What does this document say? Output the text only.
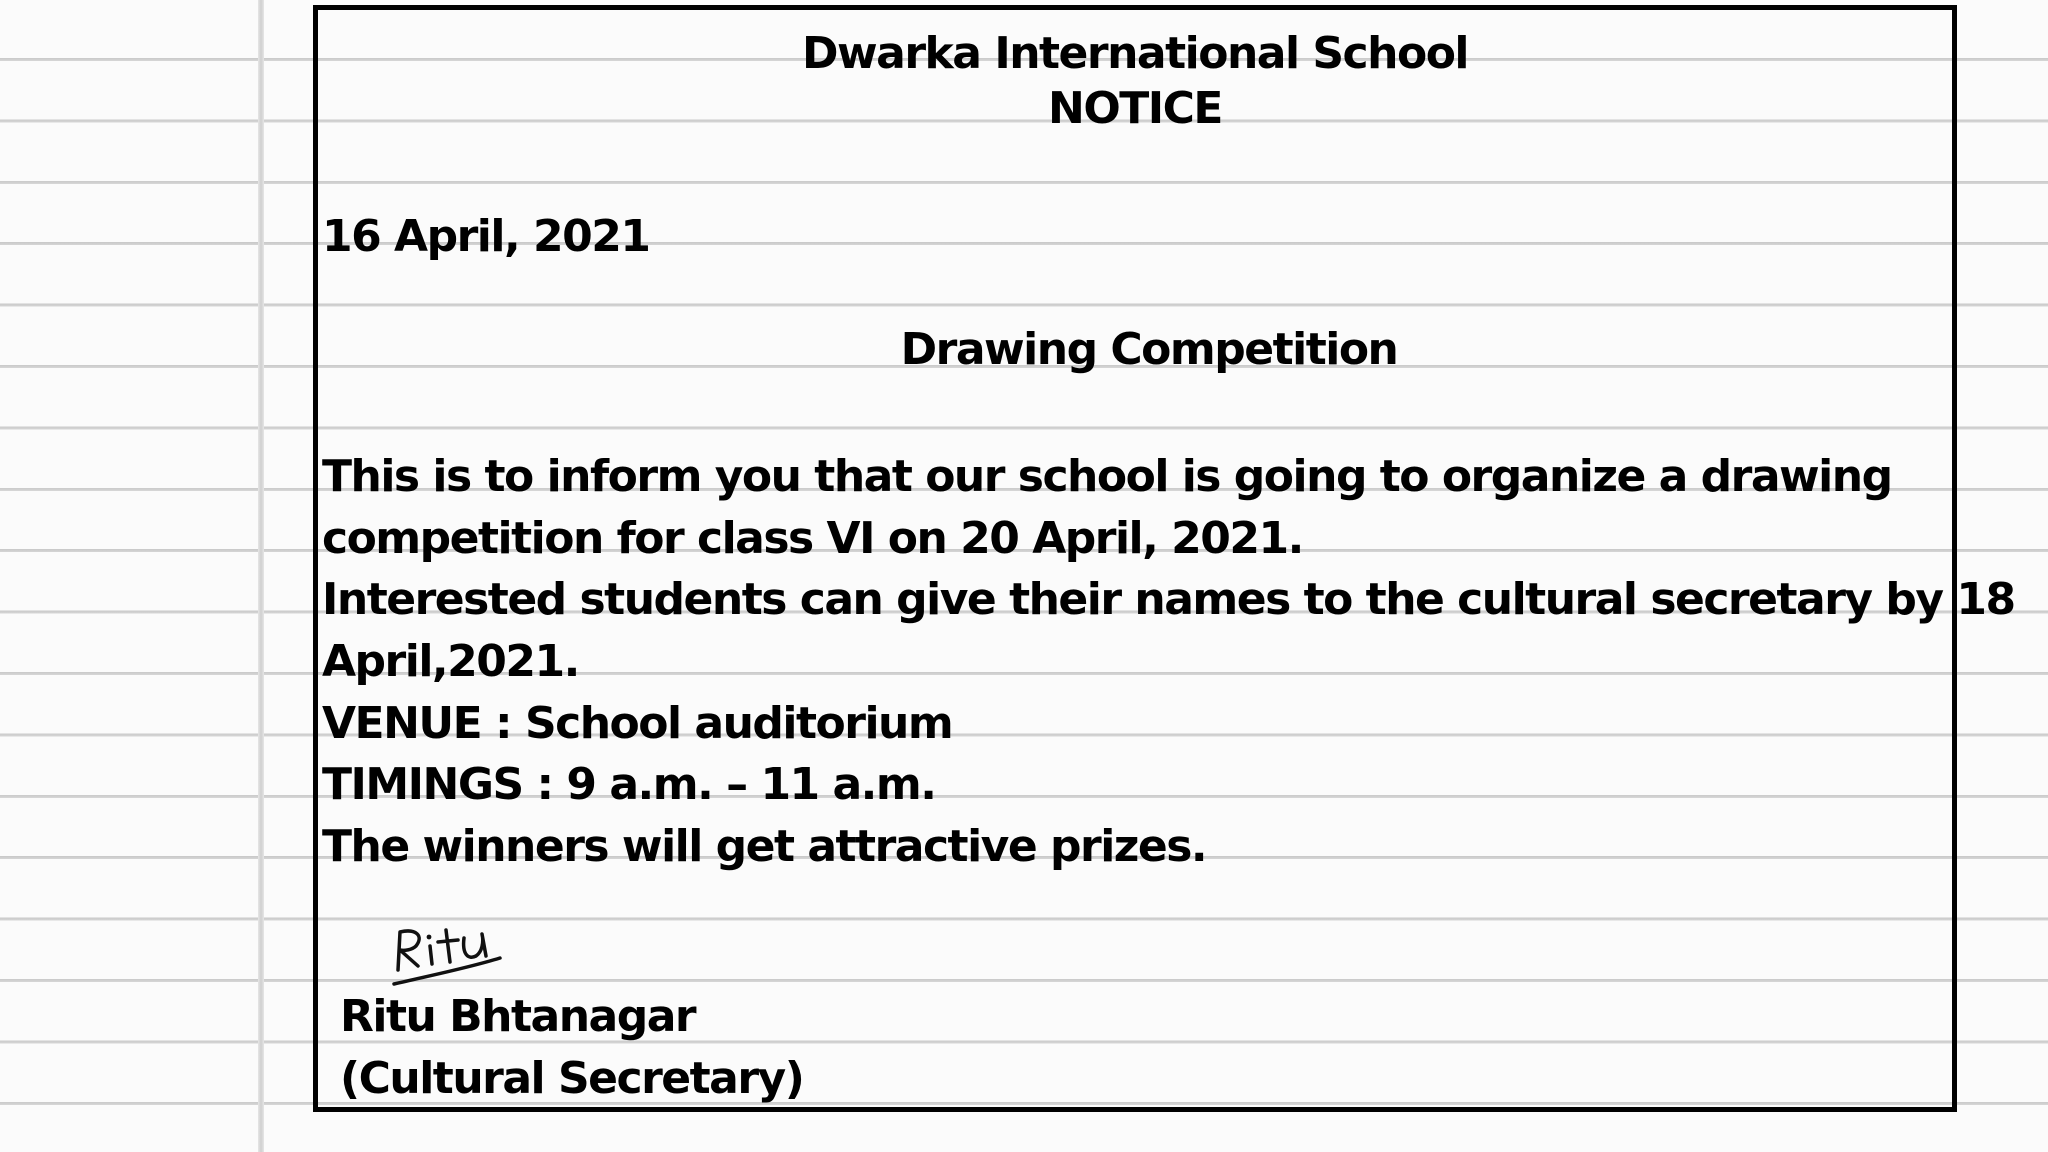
Dwarka International School
NOTICE
16 April, 2021
Drawing Competition
This is to inform you that our school is going to organize a drawing
competition for class VI on 20 April, 2021.
Interested students can give their names to the cultural secretary by 18
April,2021.
VENUE : School auditorium
TIMINGS : 9 a.m. – 11 a.m.
The winners will get attractive prizes.
Ritu Bhtanagar
(Cultural Secretary)
